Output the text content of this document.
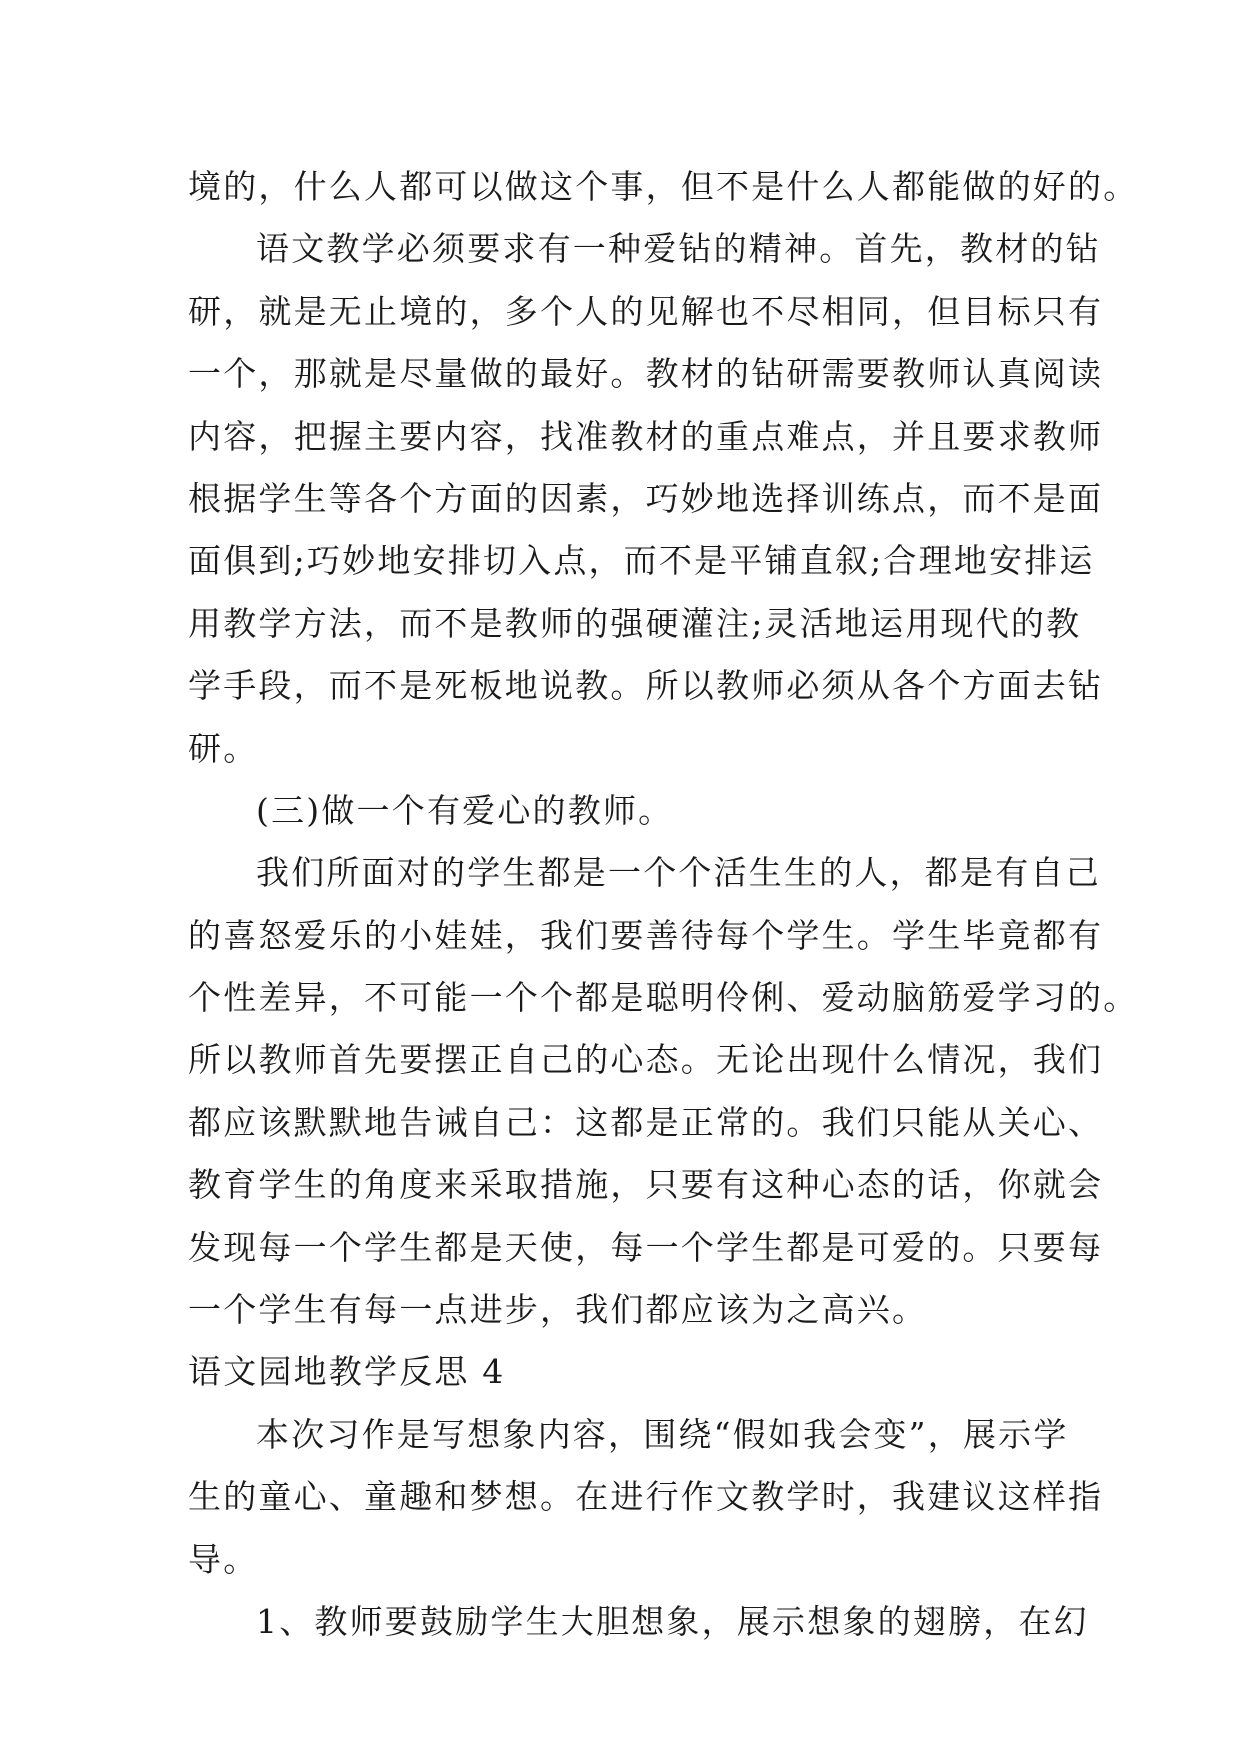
境的，什么人都可以做这个事，但不是什么人都能做的好的。
语文教学必须要求有一种爱钻的精神。首先，教材的钻
研，就是无止境的，多个人的见解也不尽相同，但目标只有
一个，那就是尽量做的最好。教材的钻研需要教师认真阅读
内容，把握主要内容，找准教材的重点难点，并且要求教师
根据学生等各个方面的因素，巧妙地选择训练点，而不是面
面俱到;巧妙地安排切入点，而不是平铺直叙;合理地安排运
用教学方法，而不是教师的强硬灌注;灵活地运用现代的教
学手段，而不是死板地说教。所以教师必须从各个方面去钻
研。
(三)做一个有爱心的教师。
我们所面对的学生都是一个个活生生的人，都是有自己
的喜怒爱乐的小娃娃，我们要善待每个学生。学生毕竟都有
个性差异，不可能一个个都是聪明伶俐、爱动脑筋爱学习的。
所以教师首先要摆正自己的心态。无论出现什么情况，我们
都应该默默地告诫自己：这都是正常的。我们只能从关心、
教育学生的角度来采取措施，只要有这种心态的话，你就会
发现每一个学生都是天使，每一个学生都是可爱的。只要每
一个学生有每一点进步，我们都应该为之高兴。
语文园地教学反思 4
本次习作是写想象内容，围绕“假如我会变”，展示学
生的童心、童趣和梦想。在进行作文教学时，我建议这样指
导。
1、教师要鼓励学生大胆想象，展示想象的翅膀，在幻
